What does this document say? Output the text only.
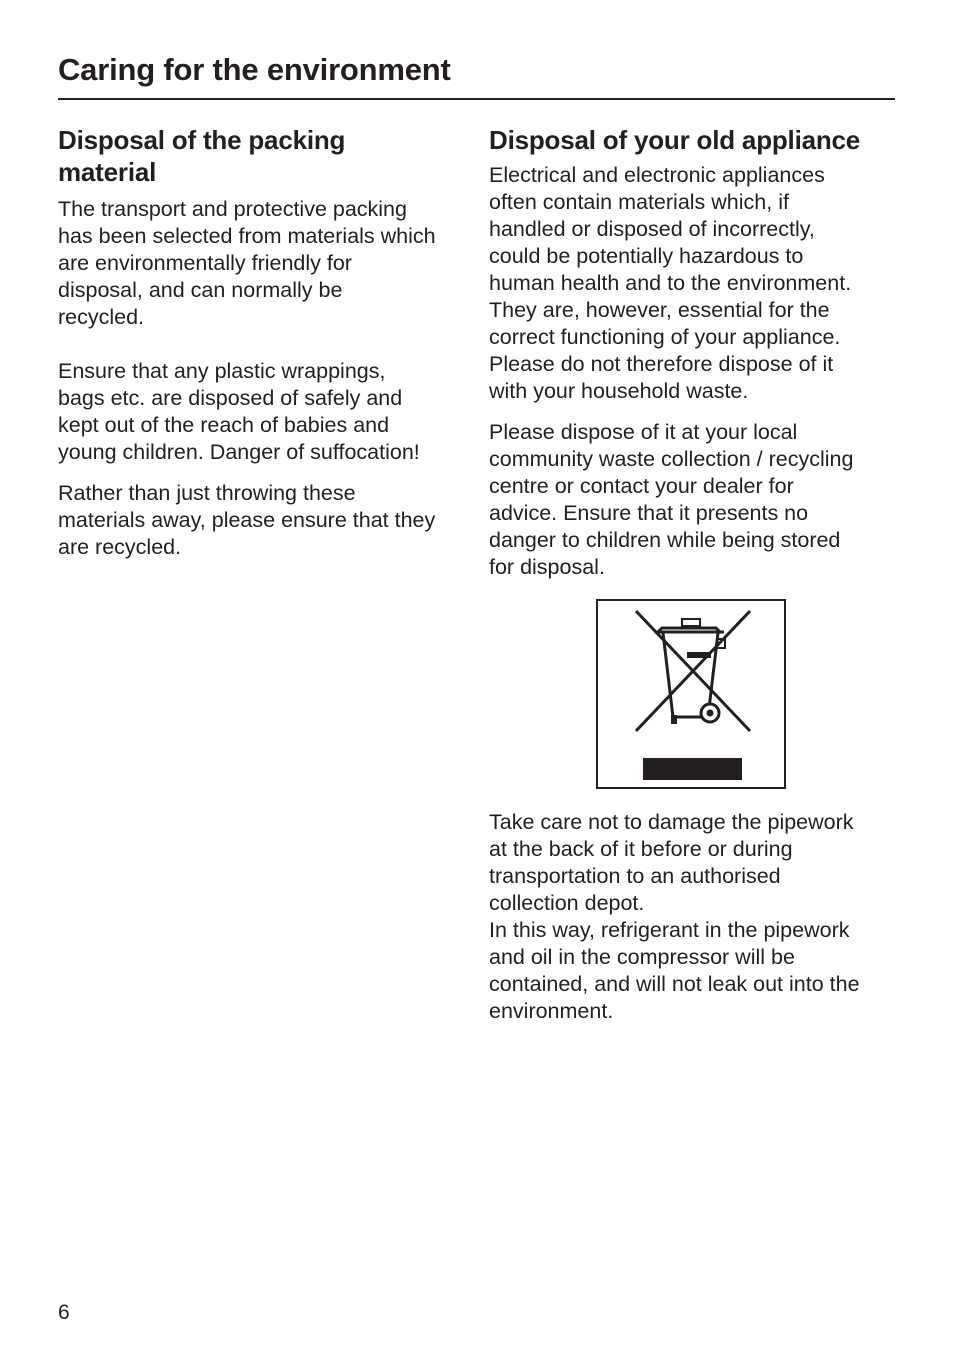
Caring for the environment
Disposal of the packing
material

The transport and protective packing
has been selected from materials which
are environmentally friendly for
disposal, and can normally be
recycled.

Ensure that any plastic wrappings,
bags etc. are disposed of safely and
kept out of the reach of babies and
young children. Danger of suffocation!

Rather than just throwing these
materials away, please ensure that they
are recycled.

Disposal of your old appliance

Electrical and electronic appliances
often contain materials which, if
handled or disposed of incorrectly,
could be potentially hazardous to
human health and to the environment.
They are, however, essential for the
correct functioning of your appliance.
Please do not therefore dispose of it
with your household waste.

Please dispose of it at your local
community waste collection / recycling
centre or contact your dealer for
advice. Ensure that it presents no
danger to children while being stored
for disposal.

Take care not to damage the pipework
at the back of it before or during
transportation to an authorised
collection depot.
In this way, refrigerant in the pipework
and oil in the compressor will be
contained, and will not leak out into the
environment.

6
